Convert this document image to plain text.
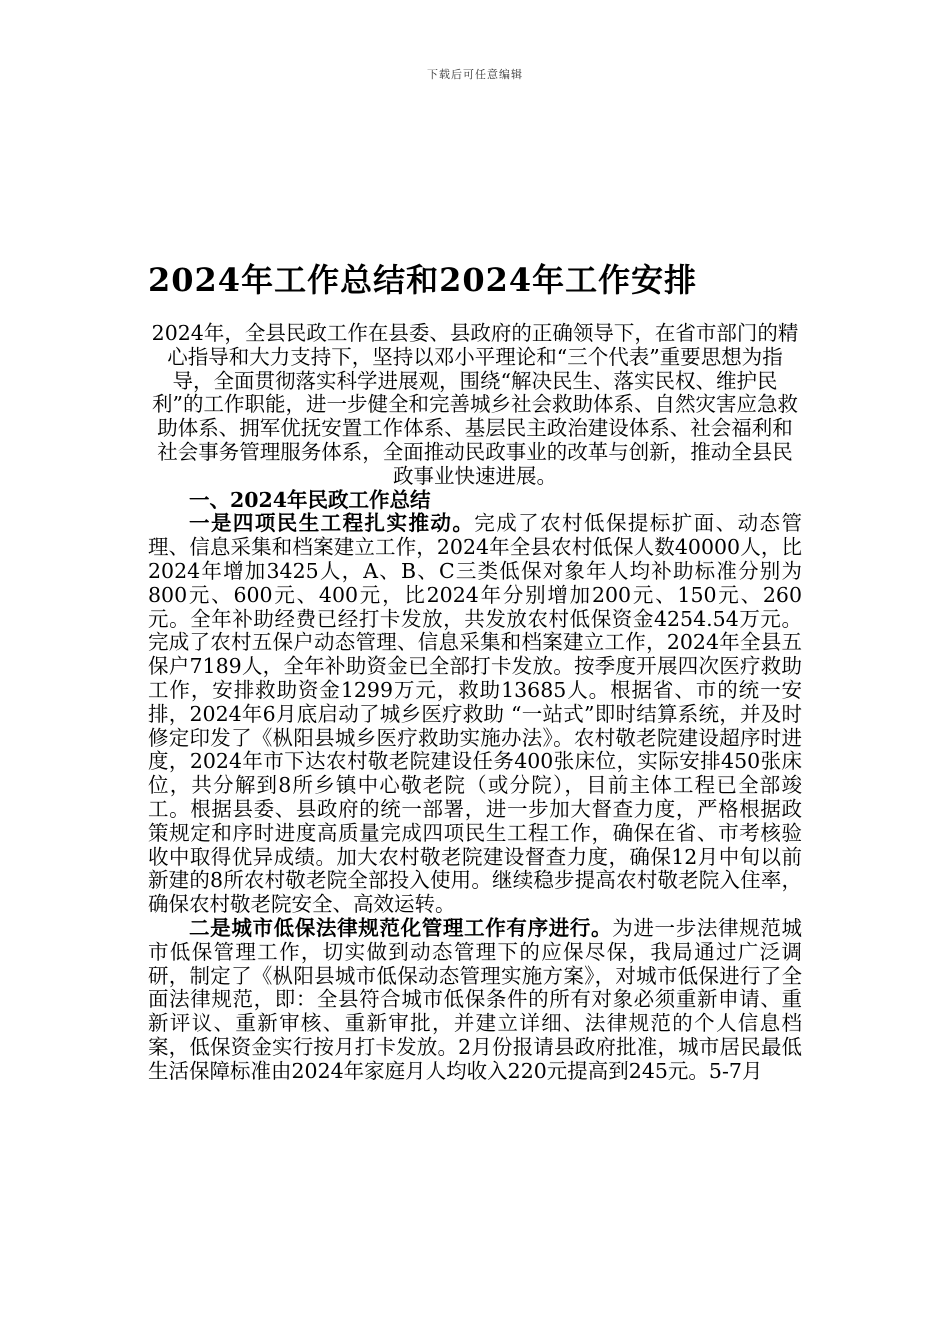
下载后可任意编辑
2024年工作总结和2024年工作安排

2024年，全县民政工作在县委、县政府的正确领导下，在省市部门的精心指导和大力支持下，坚持以邓小平理论和“三个代表”重要思想为指导，全面贯彻落实科学进展观，围绕“解决民生、落实民权、维护民利”的工作职能，进一步健全和完善城乡社会救助体系、自然灾害应急救助体系、拥军优抚安置工作体系、基层民主政治建设体系、社会福利和社会事务管理服务体系，全面推动民政事业的改革与创新，推动全县民政事业快速进展。

一、2024年民政工作总结

一是四项民生工程扎实推动。完成了农村低保提标扩面、动态管理、信息采集和档案建立工作，2024年全县农村低保人数40000人，比2024年增加3425人，A、B、C三类低保对象年人均补助标准分别为800元、600元、400元，比2024年分别增加200元、150元、260元。全年补助经费已经打卡发放，共发放农村低保资金4254.54万元。完成了农村五保户动态管理、信息采集和档案建立工作，2024年全县五保户7189人，全年补助资金已全部打卡发放。按季度开展四次医疗救助工作，安排救助资金1299万元，救助13685人。根据省、市的统一安排，2024年6月底启动了城乡医疗救助 “一站式”即时结算系统，并及时修定印发了《枞阳县城乡医疗救助实施办法》。农村敬老院建设超序时进度，2024年市下达农村敬老院建设任务400张床位，实际安排450张床位，共分解到8所乡镇中心敬老院（或分院），目前主体工程已全部竣工。根据县委、县政府的统一部署，进一步加大督查力度，严格根据政策规定和序时进度高质量完成四项民生工程工作，确保在省、市考核验收中取得优异成绩。加大农村敬老院建设督查力度，确保12月中旬以前新建的8所农村敬老院全部投入使用。继续稳步提高农村敬老院入住率，确保农村敬老院安全、高效运转。

二是城市低保法律规范化管理工作有序进行。为进一步法律规范城市低保管理工作，切实做到动态管理下的应保尽保，我局通过广泛调研，制定了《枞阳县城市低保动态管理实施方案》，对城市低保进行了全面法律规范，即：全县符合城市低保条件的所有对象必须重新申请、重新评议、重新审核、重新审批，并建立详细、法律规范的个人信息档案，低保资金实行按月打卡发放。2月份报请县政府批准，城市居民最低生活保障标准由2024年家庭月人均收入220元提高到245元。5-7月
